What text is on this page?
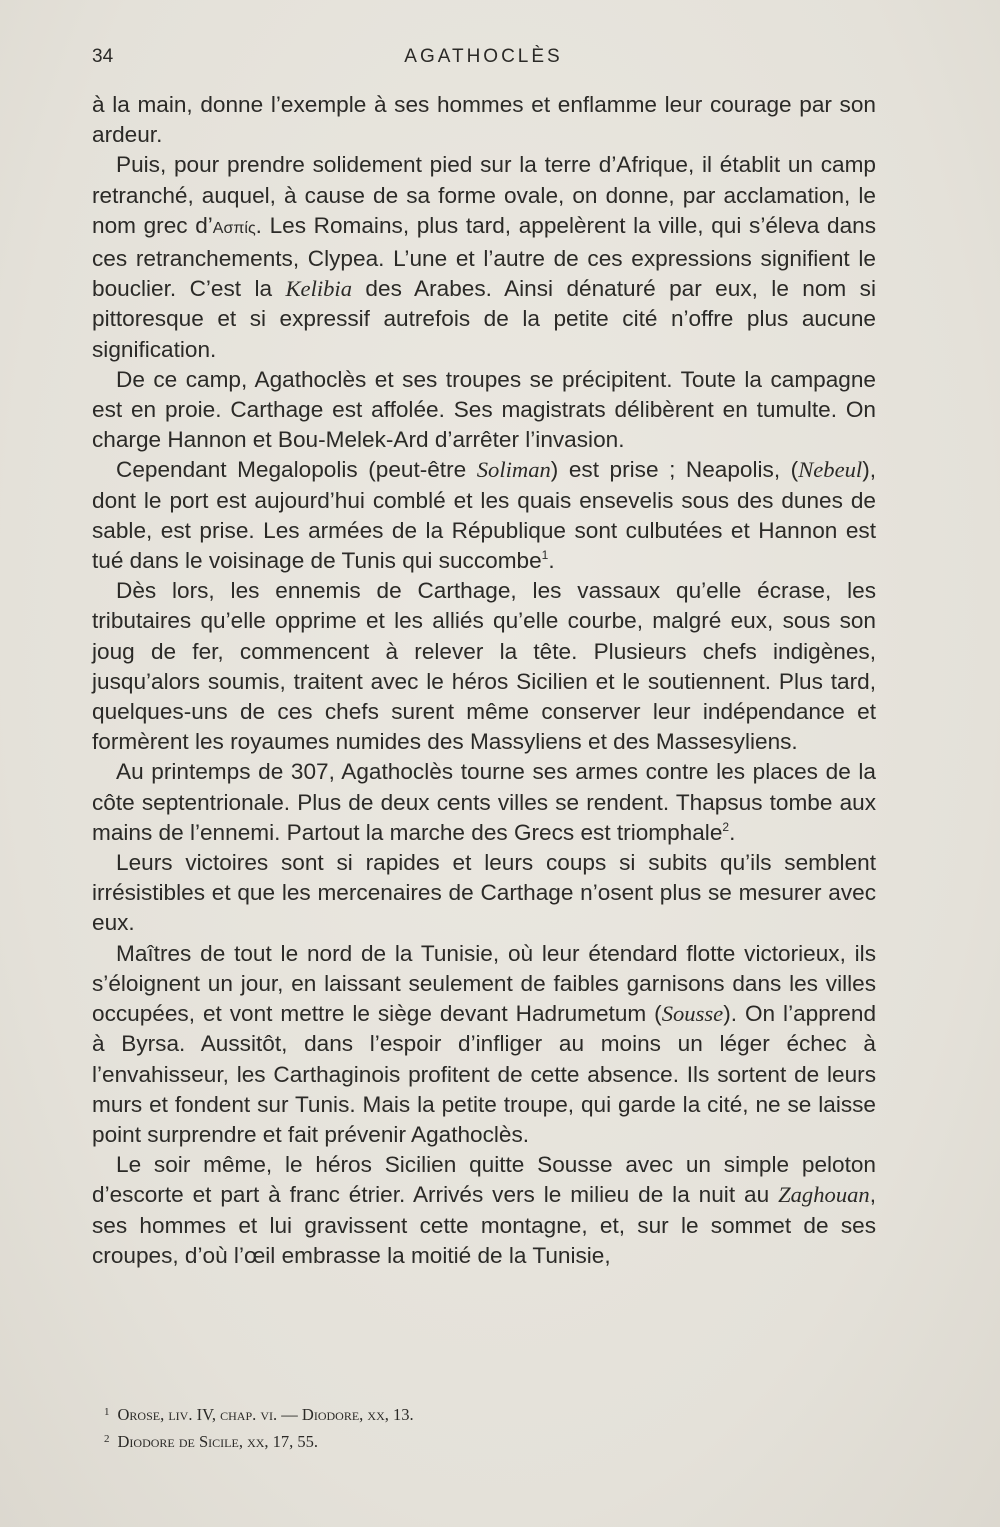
34	AGATHOCLÈS

à la main, donne l’exemple à ses hommes et enflamme leur courage par son ardeur.

Puis, pour prendre solidement pied sur la terre d’Afrique, il établit un camp retranché, auquel, à cause de sa forme ovale, on donne, par acclamation, le nom grec d’Ασπίς. Les Romains, plus tard, appelèrent la ville, qui s’éleva dans ces retranchements, Clypea. L’une et l’autre de ces expressions signifient le bouclier. C’est la Kelibia des Arabes. Ainsi dénaturé par eux, le nom si pittoresque et si expressif autrefois de la petite cité n’offre plus aucune signification.

De ce camp, Agathoclès et ses troupes se précipitent. Toute la campagne est en proie. Carthage est affolée. Ses magistrats délibèrent en tumulte. On charge Hannon et Bou-Melek-Ard d’arrêter l’invasion.

Cependant Megalopolis (peut-être Soliman) est prise ; Neapolis, (Nebeul), dont le port est aujourd’hui comblé et les quais ensevelis sous des dunes de sable, est prise. Les armées de la République sont culbutées et Hannon est tué dans le voisinage de Tunis qui succombe$^1$.

Dès lors, les ennemis de Carthage, les vassaux qu’elle écrase, les tributaires qu’elle opprime et les alliés qu’elle courbe, malgré eux, sous son joug de fer, commencent à relever la tête. Plusieurs chefs indigènes, jusqu’alors soumis, traitent avec le héros Sicilien et le soutiennent. Plus tard, quelques-uns de ces chefs surent même conserver leur indépendance et formèrent les royaumes numides des Massyliens et des Massesyliens.

Au printemps de 307, Agathoclès tourne ses armes contre les places de la côte septentrionale. Plus de deux cents villes se rendent. Thapsus tombe aux mains de l’ennemi. Partout la marche des Grecs est triomphale$^2$.

Leurs victoires sont si rapides et leurs coups si subits qu’ils semblent irrésistibles et que les mercenaires de Carthage n’osent plus se mesurer avec eux.

Maîtres de tout le nord de la Tunisie, où leur étendard flotte victorieux, ils s’éloignent un jour, en laissant seulement de faibles garnisons dans les villes occupées, et vont mettre le siège devant Hadrumetum (Sousse). On l’apprend à Byrsa. Aussitôt, dans l’espoir d’infliger au moins un léger échec à l’envahisseur, les Carthaginois profitent de cette absence. Ils sortent de leurs murs et fondent sur Tunis. Mais la petite troupe, qui garde la cité, ne se laisse point surprendre et fait prévenir Agathoclès.

Le soir même, le héros Sicilien quitte Sousse avec un simple peloton d’escorte et part à franc étrier. Arrivés vers le milieu de la nuit au Zaghouan, ses hommes et lui gravissent cette montagne, et, sur le sommet de ses croupes, d’où l’œil embrasse la moitié de la Tunisie,

$^1$ Orose, liv. IV, chap. vi. — Diodore, xx, 13.
$^2$ Diodore de Sicile, xx, 17, 55.
